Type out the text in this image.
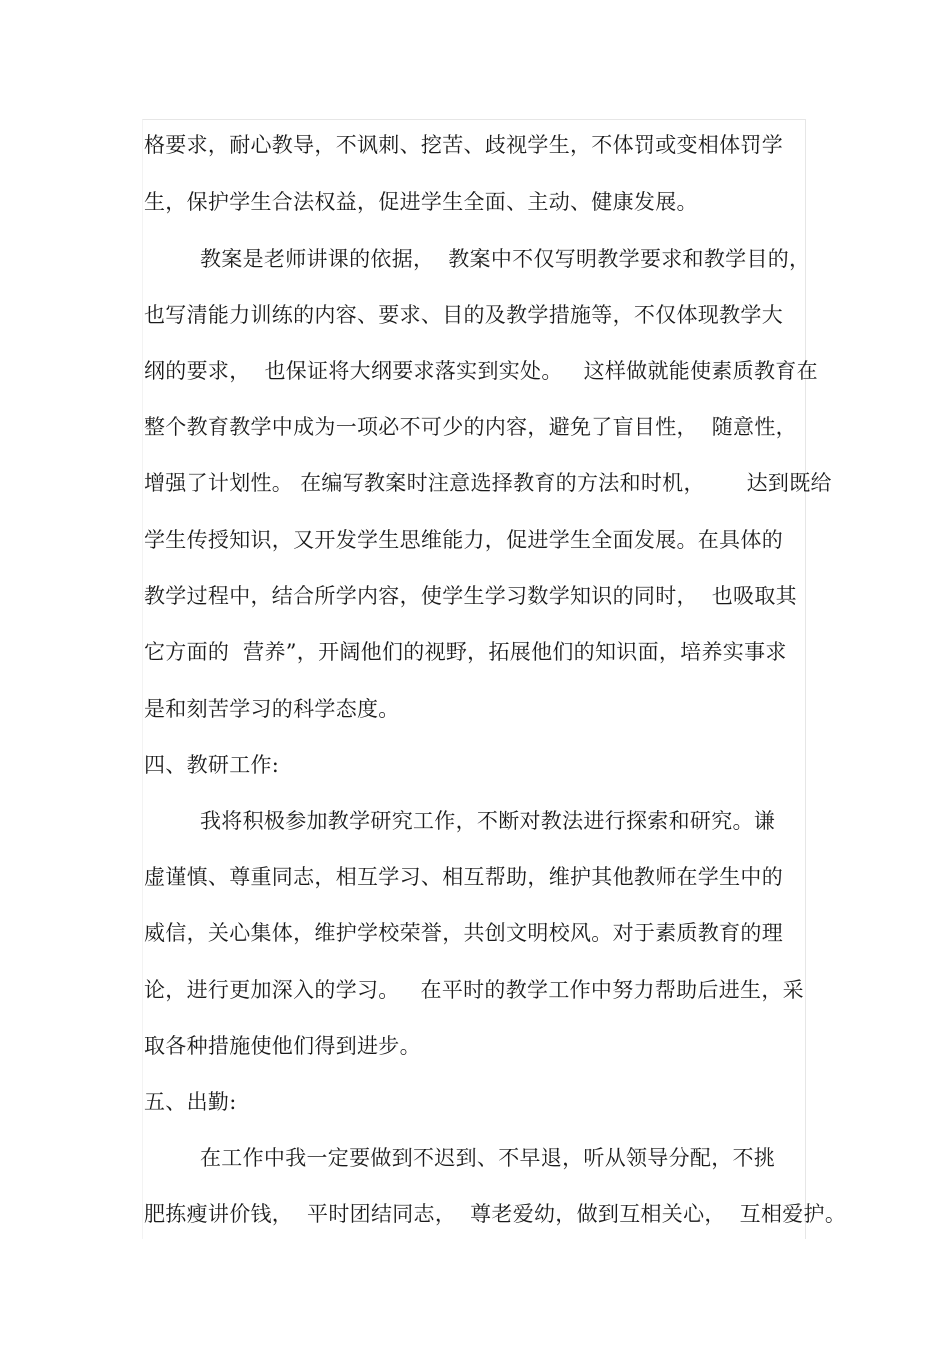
格要求，耐心教导，不讽刺、挖苦、歧视学生，不体罚或变相体罚学
生，保护学生合法权益，促进学生全面、主动、健康发展。
教案是老师讲课的依据，  教案中不仅写明教学要求和教学目的，
也写清能力训练的内容、要求、目的及教学措施等，不仅体现教学大
纲的要求，  也保证将大纲要求落实到实处。   这样做就能使素质教育在
整个教育教学中成为一项必不可少的内容，避免了盲目性，  随意性，
增强了计划性。 在编写教案时注意选择教育的方法和时机，      达到既给
学生传授知识，又开发学生思维能力，促进学生全面发展。在具体的
教学过程中，结合所学内容，使学生学习数学知识的同时，  也吸取其
它方面的  营养”，开阔他们的视野，拓展他们的知识面，培养实事求
是和刻苦学习的科学态度。
四、教研工作:
我将积极参加教学研究工作，不断对教法进行探索和研究。谦
虚谨慎、尊重同志，相互学习、相互帮助，维护其他教师在学生中的
威信，关心集体，维护学校荣誉，共创文明校风。对于素质教育的理
论，进行更加深入的学习。   在平时的教学工作中努力帮助后进生，采
取各种措施使他们得到进步。
五、出勤:
在工作中我一定要做到不迟到、不早退，听从领导分配，不挑
肥拣瘦讲价钱，  平时团结同志，  尊老爱幼，做到互相关心，  互相爱护。
